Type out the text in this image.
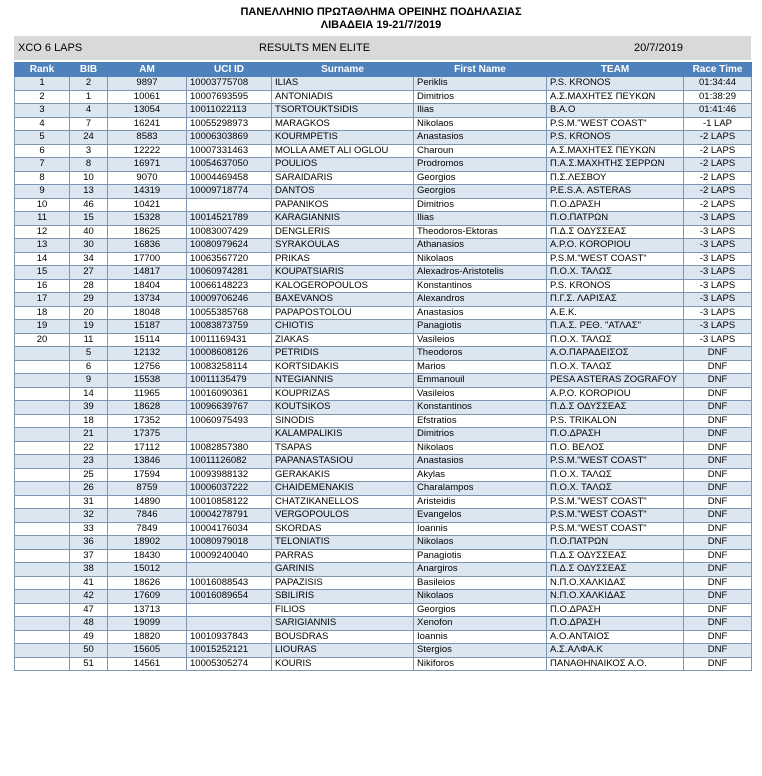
ΠΑΝΕΛΛΗΝΙΟ ΠΡΩΤΑΘΛΗΜΑ ΟΡΕΙΝΗΣ ΠΟΔΗΛΑΣΙΑΣ
ΛΙΒΑΔΕΙΑ 19-21/7/2019
XCO 6 LAPS	RESULTS MEN ELITE	20/7/2019
Rank	BIB	AM	UCI ID	Surname	First Name	TEAM	Race Time
1	2	9897	10003775708	ILIAS	Periklis	P.S. KRONOS	01:34:44
2	1	10061	10007693595	ANTONIADIS	Dimitrios	Α.Σ.ΜΑΧΗΤΕΣ ΠΕΥΚΩΝ	01:38:29
3	4	13054	10011022113	TSORTOUKTSIDIS	Ilias	Β.Α.Ο	01:41:46
4	7	16241	10055298973	MARAGKOS	Nikolaos	P.S.M."WEST COAST"	-1 LAP
5	24	8583	10006303869	KOURMPETIS	Anastasios	P.S. KRONOS	-2 LAPS
6	3	12222	10007331463	MOLLA AMET ALI OGLOU	Charoun	Α.Σ.ΜΑΧΗΤΕΣ ΠΕΥΚΩΝ	-2 LAPS
7	8	16971	10054637050	POULIOS	Prodromos	Π.Α.Σ.ΜΑΧΗΤΗΣ ΣΕΡΡΩΝ	-2 LAPS
8	10	9070	10004469458	SARAIDARIS	Georgios	Π.Σ.ΛΕΣΒΟΥ	-2 LAPS
9	13	14319	10009718774	DANTOS	Georgios	P.E.S.A. ASTERAS	-2 LAPS
10	46	10421		PAPANIKOS	Dimitrios	Π.Ο.ΔΡΑΣΗ	-2 LAPS
11	15	15328	10014521789	KARAGIANNIS	Ilias	Π.Ο.ΠΑΤΡΩΝ	-3 LAPS
12	40	18625	10083007429	DENGLERIS	Theodoros-Ektoras	Π.Δ.Σ ΟΔΥΣΣΕΑΣ	-3 LAPS
13	30	16836	10080979624	SYRAKOULAS	Athanasios	Α.Ρ.Ο. KOROPIOU	-3 LAPS
14	34	17700	10063567720	PRIKAS	Nikolaos	P.S.M."WEST COAST"	-3 LAPS
15	27	14817	10060974281	KOUPATSIARIS	Alexadros-Aristotelis	Π.Ο.Χ. ΤΑΛΩΣ	-3 LAPS
16	28	18404	10066148223	KALOGEROPOULOS	Konstantinos	P.S. KRONOS	-3 LAPS
17	29	13734	10009706246	BAXEVANOS	Alexandros	Π.Γ.Σ. ΛΑΡΙΣΑΣ	-3 LAPS
18	20	18048	10055385768	PAPAPOSTOLOU	Anastasios	Α.Ε.Κ.	-3 LAPS
19	19	15187	10083873759	CHIOTIS	Panagiotis	Π.Α.Σ. ΡΕΘ. "ΑΤΛΑΣ"	-3 LAPS
20	11	15114	10011169431	ZIAKAS	Vasileios	Π.Ο.Χ. ΤΑΛΩΣ	-3 LAPS
	5	12132	10008608126	PETRIDIS	Theodoros	Α.Ο.ΠΑΡΑΔΕΙΣΟΣ	DNF
	6	12756	10083258114	KORTSIDAKIS	Marios	Π.Ο.Χ. ΤΑΛΩΣ	DNF
	9	15538	10011135479	NTEGIANNIS	Emmanouil	PESA ASTERAS ZOGRAFOY	DNF
	14	11965	10016090361	KOUPRIZAS	Vasileios	Α.Ρ.Ο. KOROPIOU	DNF
	39	18628	10096639767	KOUTSIKOS	Konstantinos	Π.Δ.Σ ΟΔΥΣΣΕΑΣ	DNF
	18	17352	10060975493	SINODIS	Efstratios	P.S. TRIKALON	DNF
	21	17375		KALAMPALIKIS	Dimitrios	Π.Ο.ΔΡΑΣΗ	DNF
	22	17112	10082857380	TSAPAS	Nikolaos	Π.Ο. ΒΕΛΟΣ	DNF
	23	13846	10011126082	PAPANASTASIOU	Anastasios	P.S.M."WEST COAST"	DNF
	25	17594	10093988132	GERAKAKIS	Akylas	Π.Ο.Χ. ΤΑΛΩΣ	DNF
	26	8759	10006037222	CHAIDEMENAKIS	Charalampos	Π.Ο.Χ. ΤΑΛΩΣ	DNF
	31	14890	10010858122	CHATZIKANELLOS	Aristeidis	P.S.M."WEST COAST"	DNF
	32	7846	10004278791	VERGOPOULOS	Evangelos	P.S.M."WEST COAST"	DNF
	33	7849	10004176034	SKORDAS	Ioannis	P.S.M."WEST COAST"	DNF
	36	18902	10080979018	TELONIATIS	Nikolaos	Π.Ο.ΠΑΤΡΩΝ	DNF
	37	18430	10009240040	PARRAS	Panagiotis	Π.Δ.Σ ΟΔΥΣΣΕΑΣ	DNF
	38	15012		GARINIS	Anargiros	Π.Δ.Σ ΟΔΥΣΣΕΑΣ	DNF
	41	18626	10016088543	PAPAZISIS	Basileios	Ν.Π.Ο.ΧΑΛΚΙΔΑΣ	DNF
	42	17609	10016089654	SBILIRIS	Nikolaos	Ν.Π.Ο.ΧΑΛΚΙΔΑΣ	DNF
	47	13713		FILIOS	Georgios	Π.Ο.ΔΡΑΣΗ	DNF
	48	19099		SARIGIANNIS	Xenofon	Π.Ο.ΔΡΑΣΗ	DNF
	49	18820	10010937843	BOUSDRAS	Ioannis	Α.Ο.ΑΝΤΑΙΟΣ	DNF
	50	15605	10015252121	LIOURAS	Stergios	Α.Σ.ΑΛΦΑ.Κ	DNF
	51	14561	10005305274	KOURIS	Nikiforos	ΠΑΝΑΘΗΝΑΙΚΟΣ Α.Ο.	DNF
